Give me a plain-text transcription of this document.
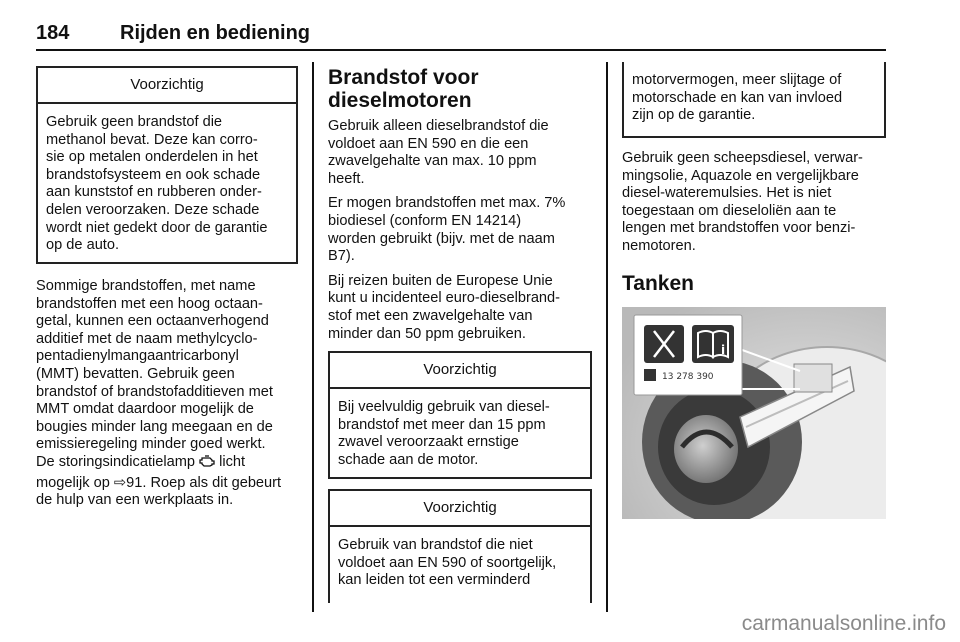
184	Rijden en bediening
Voorzichtig
Gebruik geen brandstof die
methanol bevat. Deze kan corro-
sie op metalen onderdelen in het
brandstofsysteem en ook schade
aan kunststof en rubberen onder-
delen veroorzaken. Deze schade
wordt niet gedekt door de garantie
op de auto.

Sommige brandstoffen, met name

brandstoffen met een hoog octaan-

getal, kunnen een octaanverhogend

additief met de naam methylcyclo-

pentadienylmangaantricarbonyl

(MMT) bevatten. Gebruik geen

brandstof of brandstofadditieven met

MMT omdat daardoor mogelijk de

bougies minder lang meegaan en de

emissieregeling minder goed werkt.

De storingsindicatielamp licht

mogelijk op ⇨91. Roep als dit gebeurt

de hulp van een werkplaats in.

Brandstof voor
dieselmotoren

Gebruik alleen dieselbrandstof die

voldoet aan EN 590 en die een

zwavelgehalte van max. 10 ppm

heeft.

Er mogen brandstoffen met max. 7%

biodiesel (conform EN 14214)

worden gebruikt (bijv. met de naam

B7).

Bij reizen buiten de Europese Unie

kunt u incidenteel euro-dieselbrand-

stof met een zwavelgehalte van

minder dan 50 ppm gebruiken.

Voorzichtig
Bij veelvuldig gebruik van diesel-
brandstof met meer dan 15 ppm
zwavel veroorzaakt ernstige
schade aan de motor.
Voorzichtig
Gebruik van brandstof die niet
voldoet aan EN 590 of soortgelijk,
kan leiden tot een verminderd

motorvermogen, meer slijtage of

motorschade en kan van invloed

zijn op de garantie.

Gebruik geen scheepsdiesel, verwar-

mingsolie, Aquazole en vergelijkbare

diesel-wateremulsies. Het is niet

toegestaan om dieseloliën aan te

lengen met brandstoffen voor benzi-

nemotoren.

Tanken
i
13 278 390
carmanualsonline.info
